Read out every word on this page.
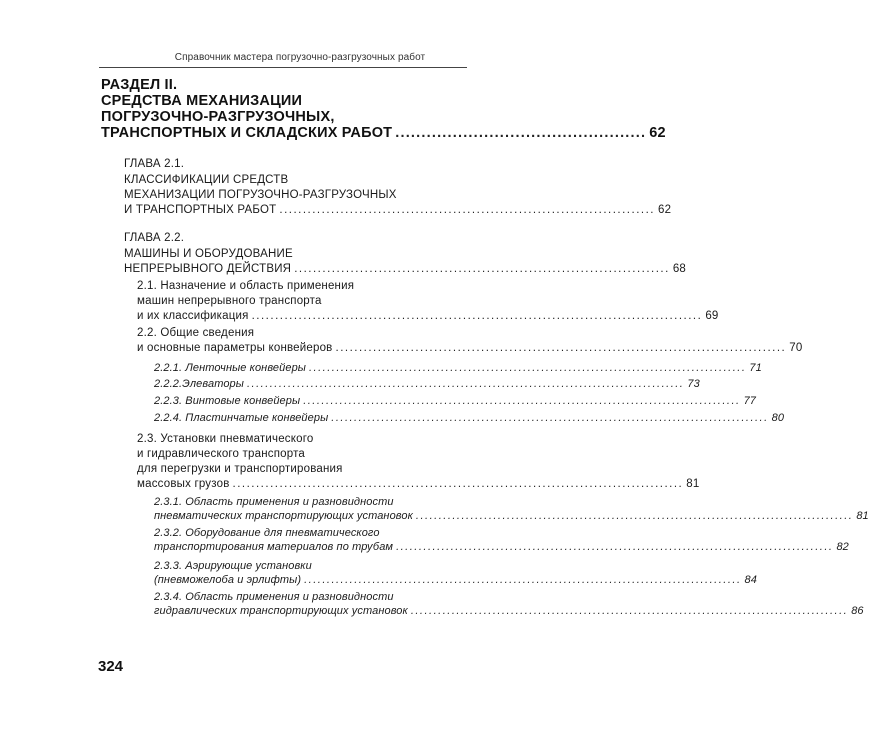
Справочник мастера погрузочно-разгрузочных работ
РАЗДЕЛ II.
СРЕДСТВА МЕХАНИЗАЦИИ
ПОГРУЗОЧНО-РАЗГРУЗОЧНЫХ,
ТРАНСПОРТНЫХ И СКЛАДСКИХ РАБОТ ................................................ 62
ГЛАВА 2.1.
КЛАССИФИКАЦИИ СРЕДСТВ
МЕХАНИЗАЦИИ ПОГРУЗОЧНО-РАЗГРУЗОЧНЫХ
И ТРАНСПОРТНЫХ РАБОТ ................................................................................ 62
ГЛАВА 2.2.
МАШИНЫ И ОБОРУДОВАНИЕ
НЕПРЕРЫВНОГО ДЕЙСТВИЯ ................................................................................ 68
2.1. Назначение и область применения
машин непрерывного транспорта
и их классификация ................................................................................................ 69
2.2. Общие сведения
и основные параметры конвейеров ................................................................................................ 70
2.2.1. Ленточные конвейеры ................................................................................................ 71
2.2.2.Элеваторы ................................................................................................ 73
2.2.3. Винтовые конвейеры ................................................................................................ 77
2.2.4. Пластинчатые конвейеры ................................................................................................ 80
2.3. Установки пневматического
и гидравлического транспорта
для перегрузки и транспортирования
массовых грузов ................................................................................................ 81
2.3.1. Область применения и разновидности
пневматических транспортирующих установок ................................................................................................ 81
2.3.2. Оборудование для пневматического
транспортирования материалов по трубам ................................................................................................ 82
2.3.3. Аэрирующие установки
(пневможелоба и эрлифты) ................................................................................................ 84
2.3.4. Область применения и разновидности
гидравлических транспортирующих установок ................................................................................................ 86
324
